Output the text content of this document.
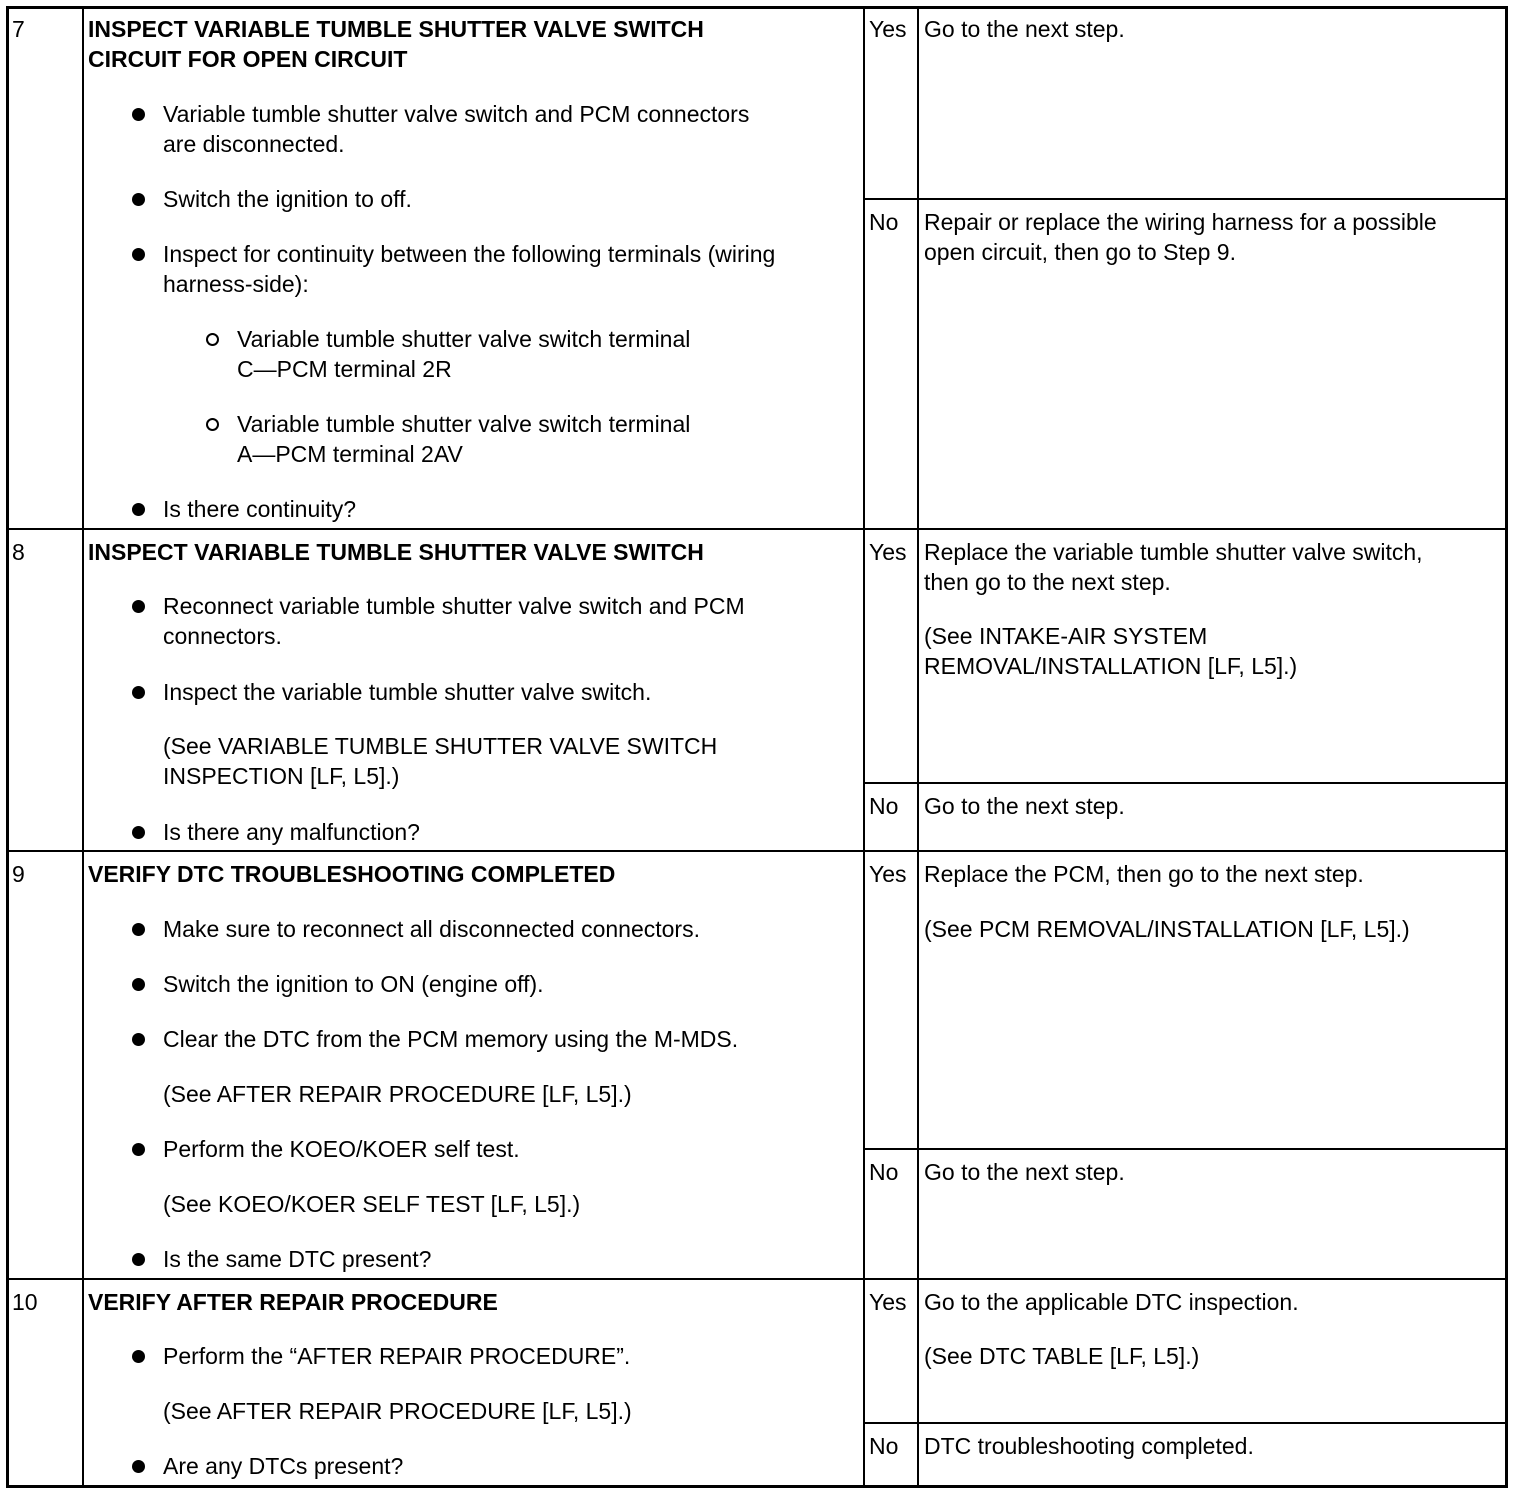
7	INSPECT VARIABLE TUMBLE SHUTTER VALVE SWITCH
CIRCUIT FOR OPEN CIRCUIT
Variable tumble shutter valve switch and PCM connectors
are disconnected.
Switch the ignition to off.
Inspect for continuity between the following terminals (wiring
harness-side):
Variable tumble shutter valve switch terminal
C—PCM terminal 2R
Variable tumble shutter valve switch terminal
A—PCM terminal 2AV
Is there continuity?
Yes Go to the next step.
No Repair or replace the wiring harness for a possible
open circuit, then go to Step 9.
8	INSPECT VARIABLE TUMBLE SHUTTER VALVE SWITCH
Reconnect variable tumble shutter valve switch and PCM
connectors.
Inspect the variable tumble shutter valve switch.
(See VARIABLE TUMBLE SHUTTER VALVE SWITCH
INSPECTION [LF, L5].)
Is there any malfunction?
Yes Replace the variable tumble shutter valve switch,
then go to the next step.
(See INTAKE-AIR SYSTEM
REMOVAL/INSTALLATION [LF, L5].)
No Go to the next step.
9	VERIFY DTC TROUBLESHOOTING COMPLETED
Make sure to reconnect all disconnected connectors.
Switch the ignition to ON (engine off).
Clear the DTC from the PCM memory using the M-MDS.
(See AFTER REPAIR PROCEDURE [LF, L5].)
Perform the KOEO/KOER self test.
(See KOEO/KOER SELF TEST [LF, L5].)
Is the same DTC present?
Yes Replace the PCM, then go to the next step.
(See PCM REMOVAL/INSTALLATION [LF, L5].)
No Go to the next step.
10 VERIFY AFTER REPAIR PROCEDURE
Perform the “AFTER REPAIR PROCEDURE”.
(See AFTER REPAIR PROCEDURE [LF, L5].)
Are any DTCs present?
Yes Go to the applicable DTC inspection.
(See DTC TABLE [LF, L5].)
No DTC troubleshooting completed.
